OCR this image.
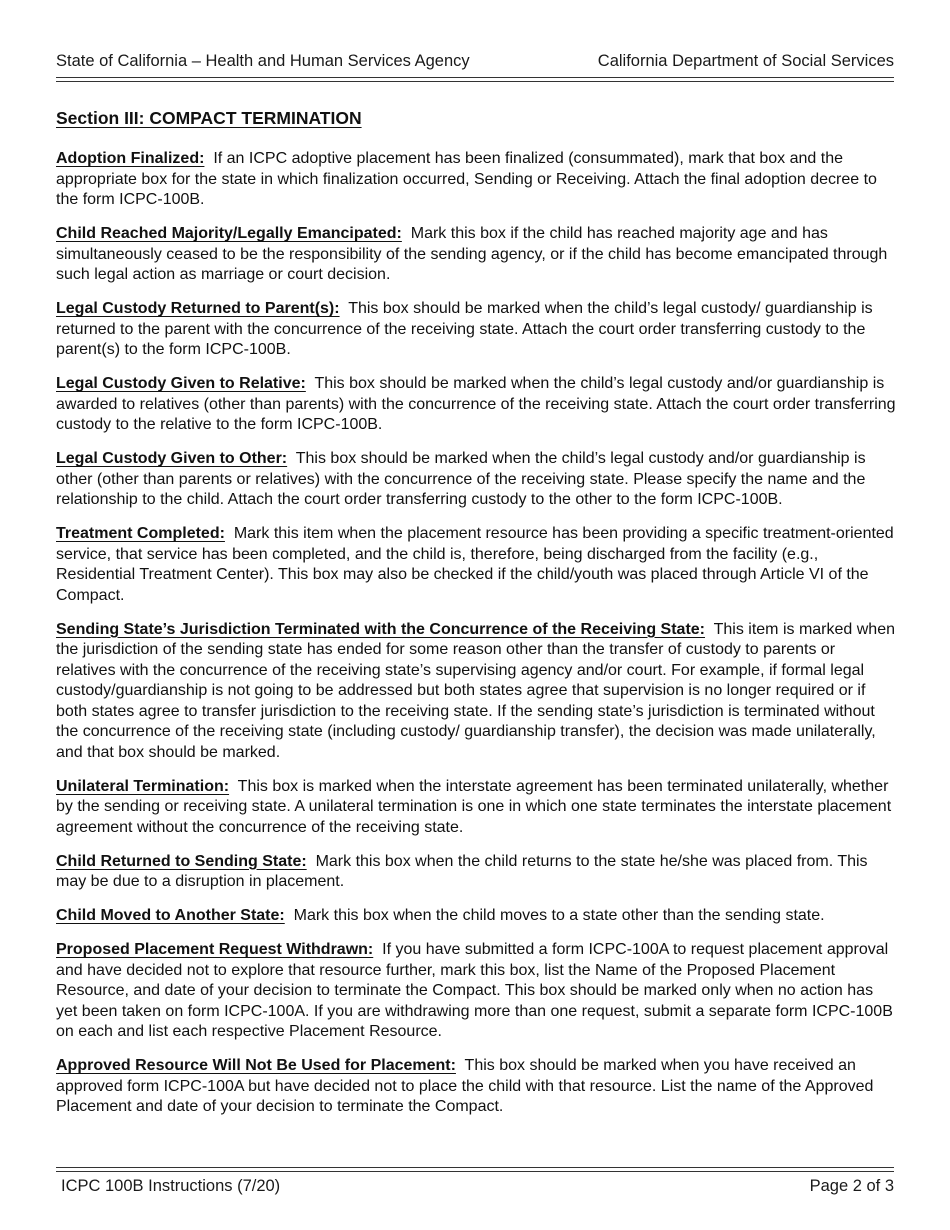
State of California – Health and Human Services Agency	California Department of Social Services
Section III: COMPACT TERMINATION

Adoption Finalized: If an ICPC adoptive placement has been finalized (consummated), mark that box and the appropriate box for the state in which finalization occurred, Sending or Receiving. Attach the final adoption decree to the form ICPC-100B.

Child Reached Majority/Legally Emancipated: Mark this box if the child has reached majority age and has simultaneously ceased to be the responsibility of the sending agency, or if the child has become emancipated through such legal action as marriage or court decision.

Legal Custody Returned to Parent(s): This box should be marked when the child’s legal custody/ guardianship is returned to the parent with the concurrence of the receiving state. Attach the court order transferring custody to the parent(s) to the form ICPC-100B.

Legal Custody Given to Relative: This box should be marked when the child’s legal custody and/or guardianship is awarded to relatives (other than parents) with the concurrence of the receiving state. Attach the court order transferring custody to the relative to the form ICPC-100B.

Legal Custody Given to Other: This box should be marked when the child’s legal custody and/or guardianship is other (other than parents or relatives) with the concurrence of the receiving state. Please specify the name and the relationship to the child. Attach the court order transferring custody to the other to the form ICPC-100B.

Treatment Completed: Mark this item when the placement resource has been providing a specific treatment-oriented service, that service has been completed, and the child is, therefore, being discharged from the facility (e.g., Residential Treatment Center). This box may also be checked if the child/youth was placed through Article VI of the Compact.

Sending State’s Jurisdiction Terminated with the Concurrence of the Receiving State: This item is marked when the jurisdiction of the sending state has ended for some reason other than the transfer of custody to parents or relatives with the concurrence of the receiving state’s supervising agency and/or court. For example, if formal legal custody/guardianship is not going to be addressed but both states agree that supervision is no longer required or if both states agree to transfer jurisdiction to the receiving state. If the sending state’s jurisdiction is terminated without the concurrence of the receiving state (including custody/ guardianship transfer), the decision was made unilaterally, and that box should be marked.

Unilateral Termination: This box is marked when the interstate agreement has been terminated unilaterally, whether by the sending or receiving state. A unilateral termination is one in which one state terminates the interstate placement agreement without the concurrence of the receiving state.

Child Returned to Sending State: Mark this box when the child returns to the state he/she was placed from. This may be due to a disruption in placement.

Child Moved to Another State: Mark this box when the child moves to a state other than the sending state.

Proposed Placement Request Withdrawn: If you have submitted a form ICPC-100A to request placement approval and have decided not to explore that resource further, mark this box, list the Name of the Proposed Placement Resource, and date of your decision to terminate the Compact. This box should be marked only when no action has yet been taken on form ICPC-100A. If you are withdrawing more than one request, submit a separate form ICPC-100B on each and list each respective Placement Resource.

Approved Resource Will Not Be Used for Placement: This box should be marked when you have received an approved form ICPC-100A but have decided not to place the child with that resource. List the name of the Approved Placement and date of your decision to terminate the Compact.

ICPC 100B Instructions (7/20)	Page 2 of 3
